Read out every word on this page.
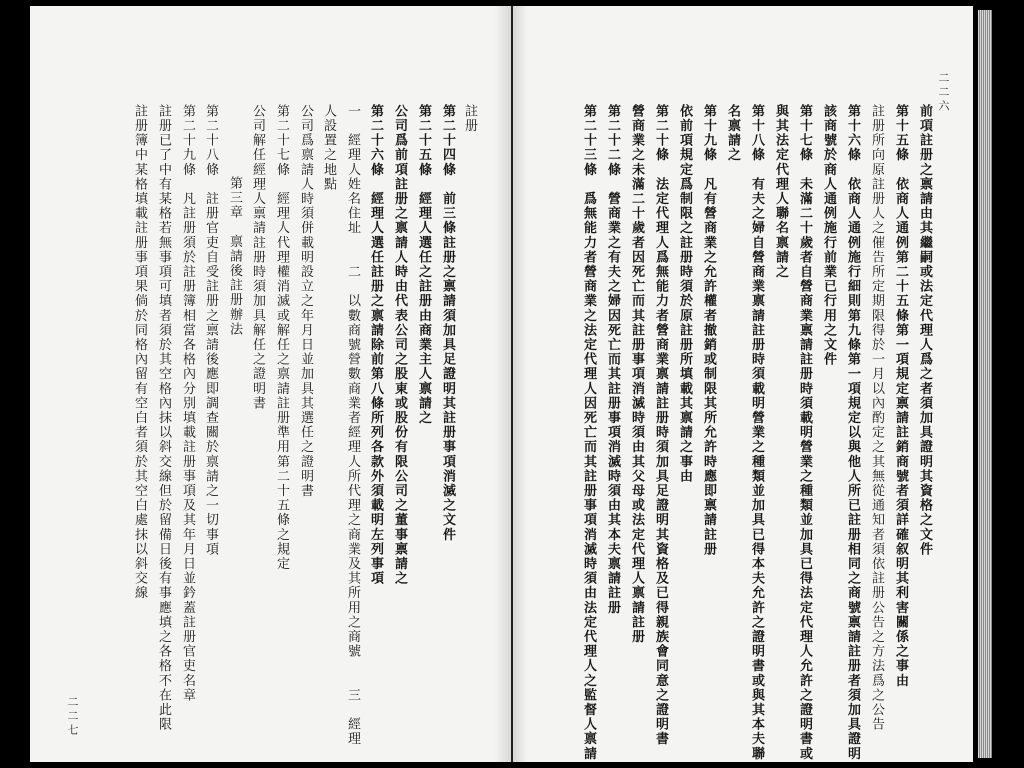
註册
第二十四條　前三條註册之禀請須加具足證明其註册事項消滅之文件
第二十五條　經理人選任之註册由商業主人禀請之
公司爲前項註册之禀請人時由代表公司之股東或股份有限公司之董事禀請之
第二十六條　經理人選任註册之禀請除前第八條所列各款外須載明左列事項
一　經理人姓名住址　　二　以數商號營數商業者經理人所代理之商業及其所用之商號　　三　經理
人設置之地點
公司爲禀請人時須併載明設立之年月日並加具其選任之證明書
第二十七條　經理人代理權消滅或解任之禀請註册準用第二十五條之規定
公司解任經理人禀請註册時須加具解任之證明書
第三章　禀請後註册辦法
第二十八條　註册官吏自受註册之禀請後應即調查關於禀請之一切事項
第二十九條　凡註册須於註册簿相當各格內分別填載註册事項及其年月日並鈐蓋註册官吏名章
註册已了中有某格若無事項可填者須於其空格內抹以斜交線但於留備日後有事應填之各格不在此限
註册簿中某格填載註册事項果倘於同格內留有空白者須於其空白處抹以斜交線
二二七
前項註册之禀請由其繼嗣或法定代理人爲之者須加具證明其資格之文件
第十五條　依商人通例第二十五條第一項規定禀請註銷商號者須詳確叙明其利害關係之事由
註册所向原註册人之催告所定期限得於一月以內酌定之其無從通知者須依註册公告之方法爲之公告
第十六條　依商人通例施行細則第九條第一項規定以與他人所已註册相同之商號禀請註册者須加具證明
該商號於商人通例施行前業已行用之文件
第十七條　未滿二十歲者自營商業禀請註册時須載明營業之種類並加具已得法定代理人允許之證明書或
與其法定代理人聯名禀請之
第十八條　有夫之婦自營商業禀請註册時須載明營業之種類並加具已得本夫允許之證明書或與其本夫聯
名禀請之
第十九條　凡有營商業之允許權者撤銷或制限其所允許時應即禀請註册
依前項規定爲制限之註册時須於原註册所填載其禀請之事由
第二十條　法定代理人爲無能力者營商業禀請註册時須加具足證明其資格及已得親族會同意之證明書
營商業之未滿二十歲者因死亡而其註册事項消滅時須由其父母或法定代理人禀請註册
第二十二條　營商業之有夫之婦因死亡而其註册事項消滅時須由其本夫禀請註册
第二十三條　爲無能力者營商業之法定代理人因死亡而其註册事項消滅時須由法定代理人之監督人禀請
二二六
